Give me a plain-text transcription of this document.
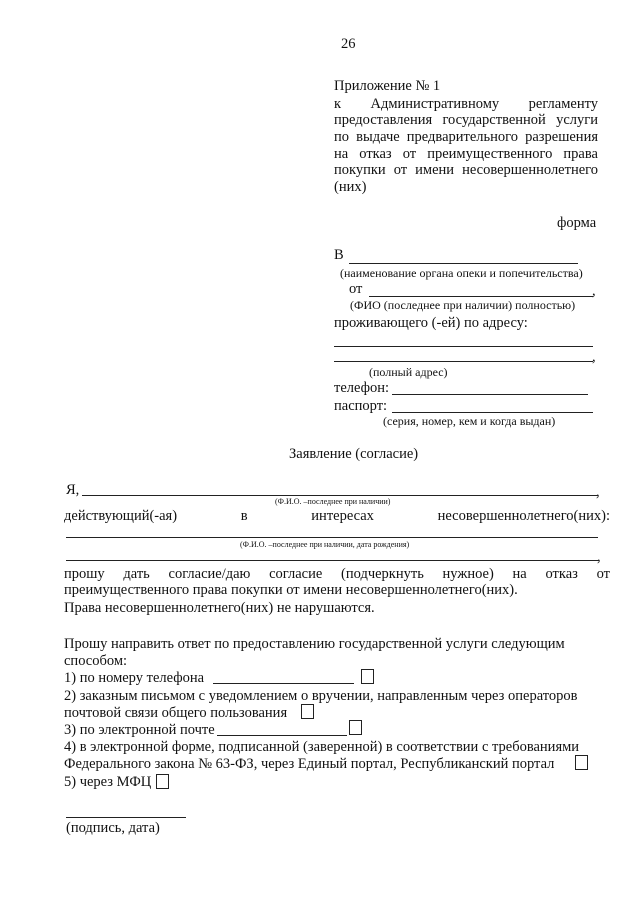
26
Приложение № 1
к Административному регламенту
предоставления государственной услуги
по выдаче предварительного разрешения
на отказ от преимущественного права
покупки от имени несовершеннолетнего
(них)
форма
В
(наименование органа опеки и попечительства)
от	,
(ФИО (последнее при наличии) полностью)
проживающего (-ей) по адресу:
,
(полный адрес)
телефон:
паспорт:
(серия, номер, кем и когда выдан)
Заявление (согласие)
Я,	,
(Ф.И.О. –последнее при наличии)
действующий(-ая)	в	интересах	несовершеннолетнего(них):
(Ф.И.О. –последнее при наличии, дата рождения)
,
прошу дать согласие/даю согласие (подчеркнуть нужное) на отказ от
преимущественного права покупки от имени несовершеннолетнего(них).
Права несовершеннолетнего(них) не нарушаются.
Прошу направить ответ по предоставлению государственной услуги следующим
способом:
1) по номеру телефона
2) заказным письмом с уведомлением о вручении, направленным через операторов
почтовой связи общего пользования
3) по электронной почте
4) в электронной форме, подписанной (заверенной) в соответствии с требованиями
Федерального закона № 63-ФЗ, через Единый портал, Республиканский портал
5) через МФЦ
(подпись, дата)
